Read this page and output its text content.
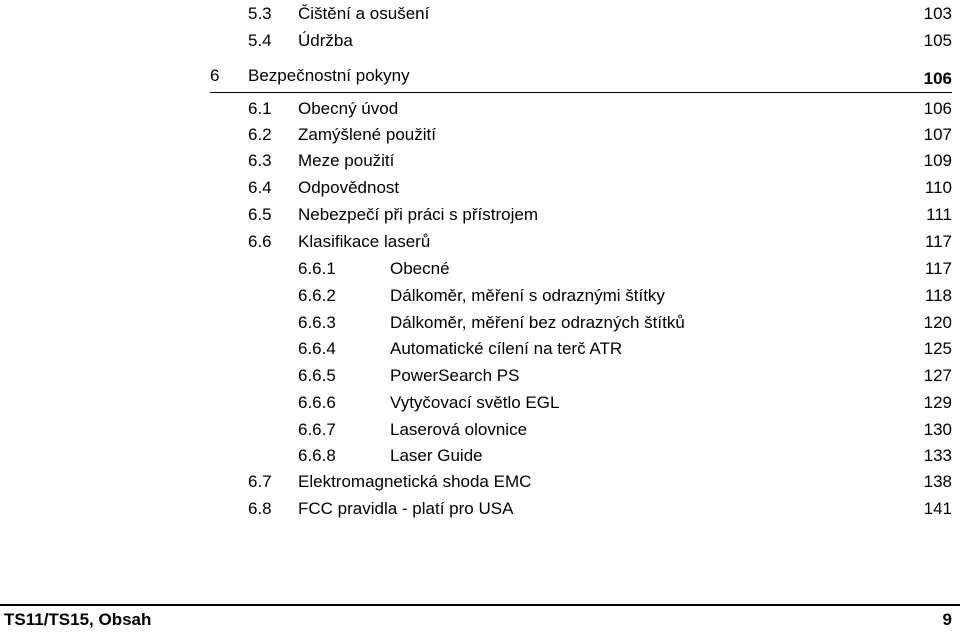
5.3 Čištění a osušení	103
5.4 Údržba	105
6 Bezpečnostní pokyny	106
6.1 Obecný úvod	106
6.2 Zamýšlené použití	107
6.3 Meze použití	109
6.4 Odpovědnost	110
6.5 Nebezpečí při práci s přístrojem	111
6.6 Klasifikace laserů	117
6.6.1	Obecné	117
6.6.2	Dálkoměr, měření s odraznými štítky	118
6.6.3	Dálkoměr, měření bez odrazných štítků	120
6.6.4	Automatické cílení na terč ATR	125
6.6.5	PowerSearch PS	127
6.6.6	Vytyčovací světlo EGL	129
6.6.7	Laserová olovnice	130
6.6.8	Laser Guide	133
6.7 Elektromagnetická shoda EMC	138
6.8 FCC pravidla - platí pro USA	141
TS11/TS15, Obsah	9
